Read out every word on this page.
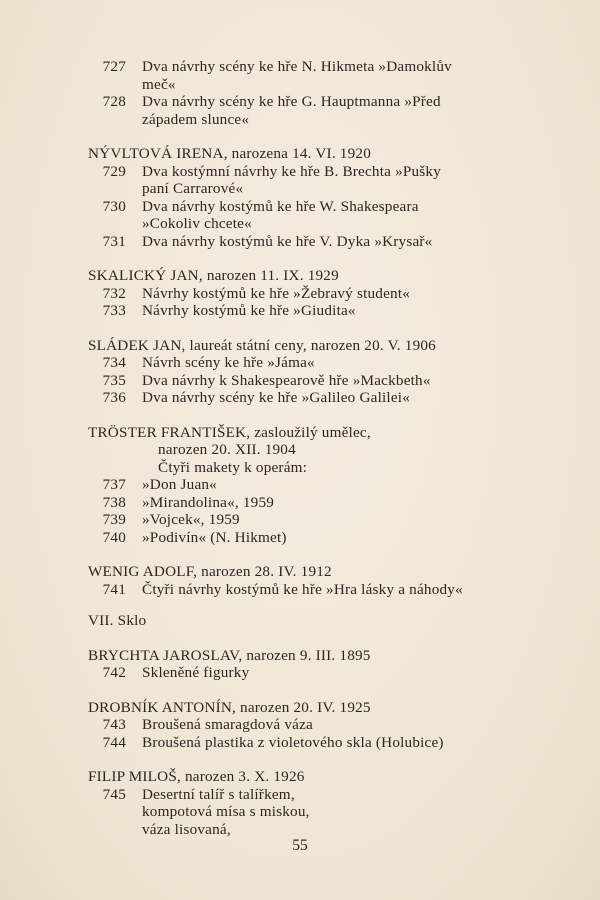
727	Dva návrhy scény ke hře N. Hikmeta »Damoklův
meč«
728	Dva návrhy scény ke hře G. Hauptmanna »Před
západem slunce«
NÝVLTOVÁ IRENA, narozena 14. VI. 1920
729	Dva kostýmní návrhy ke hře B. Brechta »Pušky
paní Carrarové«
730	Dva návrhy kostýmů ke hře W. Shakespeara
»Cokoliv chcete«
731	Dva návrhy kostýmů ke hře V. Dyka »Krysař«
SKALICKÝ JAN, narozen 11. IX. 1929
732	Návrhy kostýmů ke hře »Žebravý student«
733	Návrhy kostýmů ke hře »Giudita«
SLÁDEK JAN, laureát státní ceny, narozen 20. V. 1906
734	Návrh scény ke hře »Jáma«
735	Dva návrhy k Shakespearově hře »Mackbeth«
736	Dva návrhy scény ke hře »Galileo Galilei«
TRÖSTER FRANTIŠEK, zasloužilý umělec,
narozen 20. XII. 1904
Čtyři makety k operám:
737	»Don Juan«
738	»Mirandolina«, 1959
739	»Vojcek«, 1959
740	»Podivín« (N. Hikmet)
WENIG ADOLF, narozen 28. IV. 1912
741	Čtyři návrhy kostýmů ke hře »Hra lásky a náhody«
VII. Sklo
BRYCHTA JAROSLAV, narozen 9. III. 1895
742	Skleněné figurky
DROBNÍK ANTONÍN, narozen 20. IV. 1925
743	Broušená smaragdová váza
744	Broušená plastika z violetového skla (Holubice)
FILIP MILOŠ, narozen 3. X. 1926
745	Desertní talíř s talířkem,
kompotová mísa s miskou,
váza lisovaná,
55
